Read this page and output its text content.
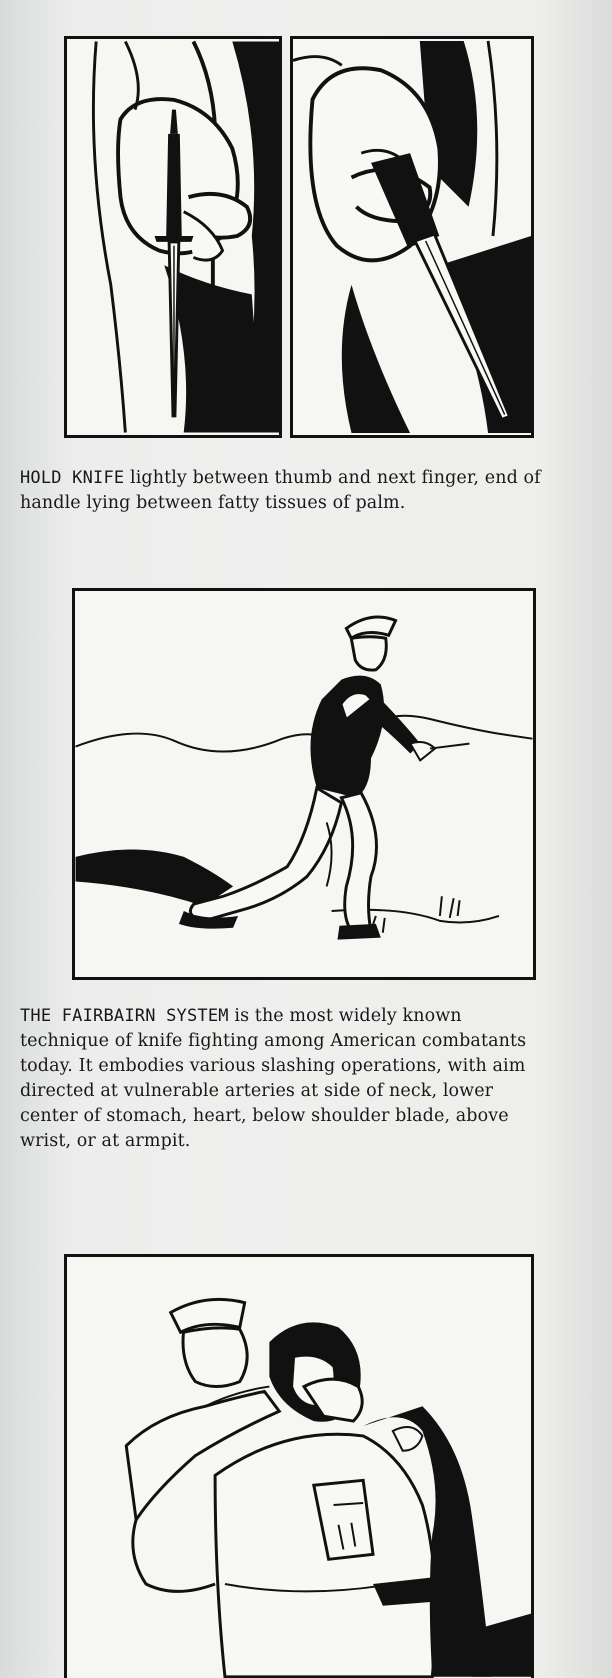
HOLD KNIFE lightly between thumb and next finger, end of handle lying between fatty tissues of palm.

THE FAIRBAIRN SYSTEM is the most widely known technique of knife fighting among American combatants today. It embodies various slashing operations, with aim directed at vulnerable arteries at side of neck, lower center of stomach, heart, below shoulder blade, above wrist, or at armpit.
